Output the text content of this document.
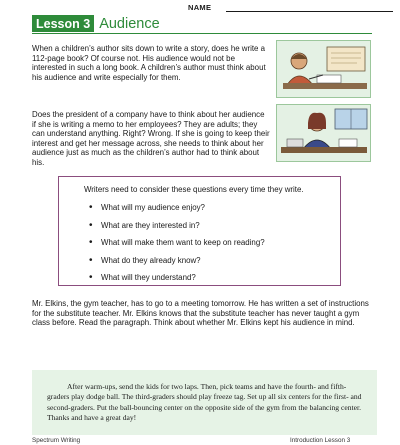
NAME
Lesson 3 Audience

When a children’s author sits down to write a story, does he write a 112-page book? Of course not. His audience would not be interested in such a long book. A children’s author must think about his audience and write especially for them.

Does the president of a company have to think about her audience if she is writing a memo to her employees? They are adults; they can understand anything. Right? Wrong. If she is going to keep their interest and get her message across, she needs to think about her audience just as much as the children’s author had to think about his.

Writers need to consider these questions every time they write.

• What will my audience enjoy?
• What are they interested in?
• What will make them want to keep on reading?
• What do they already know?
• What will they understand?

Mr. Elkins, the gym teacher, has to go to a meeting tomorrow. He has written a set of instructions for the substitute teacher. Mr. Elkins knows that the substitute teacher has never taught a gym class before. Read the paragraph. Think about whether Mr. Elkins kept his audience in mind.

After warm-ups, send the kids for two laps. Then, pick teams and have the fourth- and fifth-graders play dodge ball. The third-graders should play freeze tag. Set up all six centers for the first- and second-graders. Put the ball-bouncing center on the opposite side of the gym from the balancing center. Thanks and have a great day!

Spectrum Writing	Introduction Lesson 3
